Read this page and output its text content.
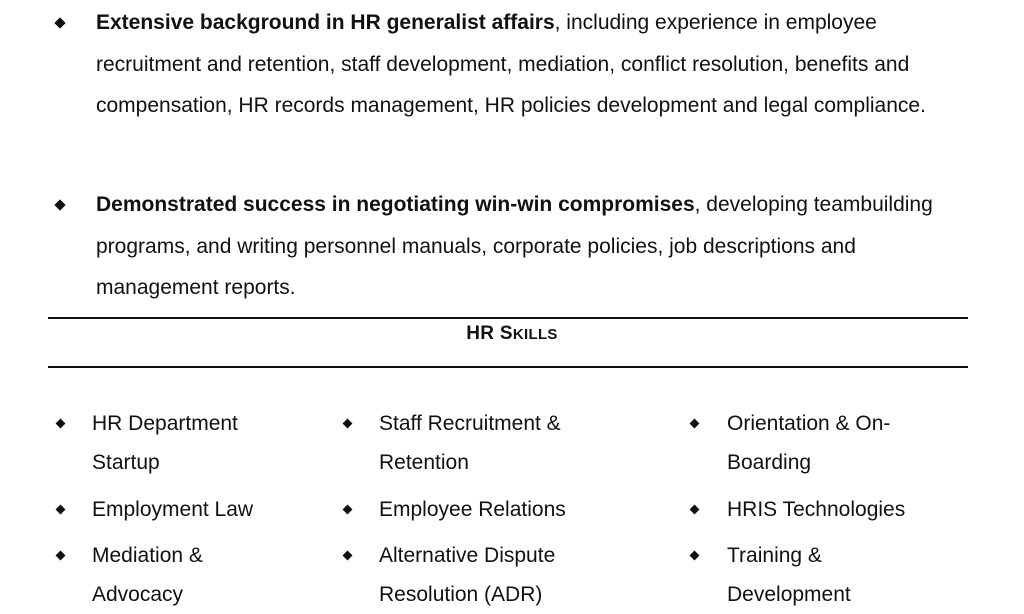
Extensive background in HR generalist affairs, including experience in employee recruitment and retention, staff development, mediation, conflict resolution, benefits and compensation, HR records management, HR policies development and legal compliance.
Demonstrated success in negotiating win-win compromises, developing teambuilding programs, and writing personnel manuals, corporate policies, job descriptions and management reports.
HR SKILLS
HR Department
Startup
Staff Recruitment &
Retention
Orientation & On-
Boarding
Employment Law	Employee Relations	HRIS Technologies
Mediation &
Advocacy
Alternative Dispute
Resolution (ADR)
Training &
Development
